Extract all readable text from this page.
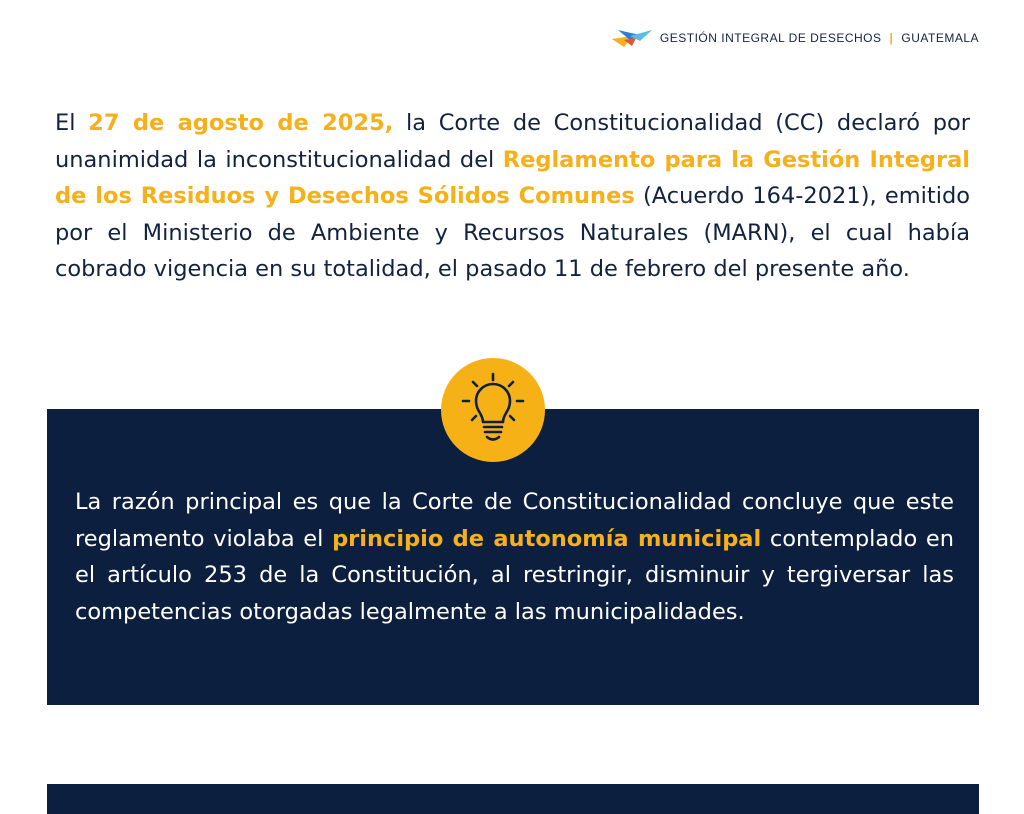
GESTIÓN INTEGRAL DE DESECHOS | GUATEMALA

El 27 de agosto de 2025, la Corte de Constitucionalidad (CC) declaró por unanimidad la inconstitucionalidad del Reglamento para la Gestión Integral de los Residuos y Desechos Sólidos Comunes (Acuerdo 164-2021), emitido por el Ministerio de Ambiente y Recursos Naturales (MARN), el cual había cobrado vigencia en su totalidad, el pasado 11 de febrero del presente año.

La razón principal es que la Corte de Constitucionalidad concluye que este reglamento violaba el principio de autonomía municipal contemplado en el artículo 253 de la Constitución, al restringir, disminuir y tergiversar las competencias otorgadas legalmente a las municipalidades.
